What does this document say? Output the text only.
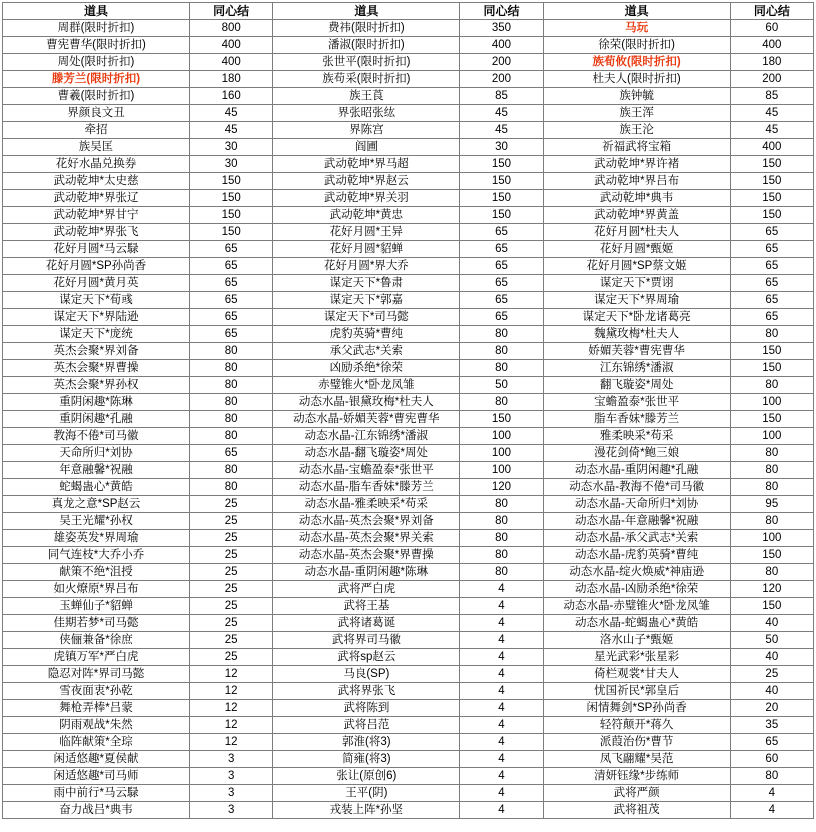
道具	同心结	道具	同心结	道具	同心结
周群(限时折扣)	800	费祎(限时折扣)	350	马玩	60
曹宪曹华(限时折扣)	400	潘淑(限时折扣)	400	徐荣(限时折扣)	400
周处(限时折扣)	400	张世平(限时折扣)	200	族荀攸(限时折扣)	180
滕芳兰(限时折扣)	180	族苟采(限时折扣)	200	杜夫人(限时折扣)	200
曹羲(限时折扣)	160	族王莨	85	族钟毓	85
界颜良文丑	45	界张昭张纮	45	族王浑	45
牵招	45	界陈宫	45	族王沦	45
族吴匡	30	阎圃	30	祈福武将宝箱	400
花好水晶兑换券	30	武动乾坤*界马超	150	武动乾坤*界许褚	150
武动乾坤*太史慈	150	武动乾坤*界赵云	150	武动乾坤*界吕布	150
武动乾坤*界张辽	150	武动乾坤*界关羽	150	武动乾坤*典韦	150
武动乾坤*界甘宁	150	武动乾坤*黄忠	150	武动乾坤*界黄盖	150
武动乾坤*界张飞	150	花好月圆*王异	65	花好月圆*杜夫人	65
花好月圆*马云騄	65	花好月圆*貂蝉	65	花好月圆*甄姬	65
花好月圆*SP孙尚香	65	花好月圆*界大乔	65	花好月圆*SP蔡文姬	65
花好月圆*黄月英	65	谋定天下*鲁肃	65	谋定天下*贾诩	65
谋定天下*荀彧	65	谋定天下*郭嘉	65	谋定天下*界周瑜	65
谋定天下*界陆逊	65	谋定天下*司马懿	65	谋定天下*卧龙诸葛亮	65
谋定天下*庞统	65	虎豹英骑*曹纯	80	魏黛玫梅*杜夫人	80
英杰会聚*界刘备	80	承父武志*关索	80	娇媚芙蓉*曹宪曹华	150
英杰会聚*界曹操	80	凶励杀绝*徐荣	80	江东锦绣*潘淑	150
英杰会聚*界孙权	80	赤璧锥火*卧龙凤雏	50	翻飞璇姿*周处	80
重阴闲趣*陈琳	80	动态水晶-银黛玫梅*杜夫人	80	宝蟾盈泰*张世平	100
重阴闲趣*孔融	80	动态水晶-娇媚芙蓉*曹宪曹华	150	脂车香妹*滕芳兰	150
教海不倦*司马徽	80	动态水晶-江东锦绣*潘淑	100	雅柔映采*苟采	100
天命所归*刘协	65	动态水晶-翻飞璇姿*周处	100	漫花剑倚*鲍三娘	80
年意融馨*祝融	80	动态水晶-宝蟾盈泰*张世平	100	动态水晶-重阴闲趣*孔融	80
蛇蝎蛊心*黄皓	80	动态水晶-脂车香妹*滕芳兰	120	动态水晶-教海不倦*司马徽	80
真龙之意*SP赵云	25	动态水晶-雅柔映采*苟采	80	动态水晶-天命所归*刘协	95
吴王光耀*孙权	25	动态水晶-英杰会聚*界刘备	80	动态水晶-年意融馨*祝融	80
雄姿英发*界周瑜	25	动态水晶-英杰会聚*界关索	80	动态水晶-承父武志*关索	100
同气连枝*大乔小乔	25	动态水晶-英杰会聚*界曹操	80	动态水晶-虎豹英骑*曹纯	150
献策不绝*沮授	25	动态水晶-重阴闲趣*陈琳	80	动态水晶-绽火焕威*神庙逊	80
如火燎原*界吕布	25	武将严白虎	4	动态水晶-凶励杀绝*徐荣	120
玉蝉仙子*貂蝉	25	武将王基	4	动态水晶-赤璧锥火*卧龙凤雏	150
佳期若梦*司马懿	25	武将诸葛诞	4	动态水晶-蛇蝎蛊心*黄皓	40
侠俪兼备*徐庶	25	武将界司马徽	4	洛水山子*甄姬	50
虎镇万军*严白虎	25	武将sp赵云	4	星光武彩*张星彩	40
隐忍对阵*界司马懿	12	马良(SP)	4	倚栏观裳*甘夫人	25
雪夜面衷*孙乾	12	武将界张飞	4	忧国祈民*郭皇后	40
舞枪弄棒*吕蒙	12	武将陈到	4	闲情舞剑*SP孙尚香	20
阴雨观战*朱然	12	武将吕范	4	轻符颠开*蒋久	35
临阵献策*全琮	12	郭淮(将3)	4	派葭治伤*曹节	65
闲适悠趣*夏侯献	3	简雍(将3)	4	凤飞翮耀*吴范	60
闲适悠趣*司马师	3	张让(原创6)	4	清妍钰缘*步练师	80
雨中前行*马云騄	3	王平(阴)	4	武将严颜	4
奋力战吕*典韦	3	戎装上阵*孙坚	4	武将祖茂	4
